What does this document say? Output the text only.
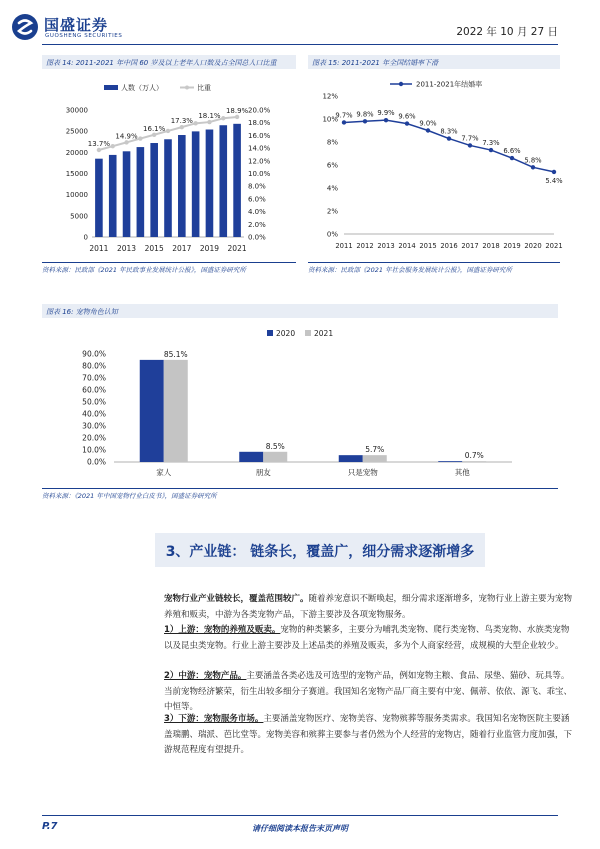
国盛证券
GUOSHENG SECURITIES	2022 年 10 月 27 日
图表 14: 2011-2021 年中国 60 岁及以上老年人口数及占全国总人口比重
人数（万人）	比重
0
5000
10000
15000
20000
25000
30000
0.0%
2.0%
4.0%
6.0%
8.0%
10.0%
12.0%
14.0%
16.0%
18.0%
20.0%
2011 2013 2015 2017 2019 2021
13.7%
14.9%
16.1%
17.3%
18.1%
18.9%
资料来源：民政部《2021 年民政事业发展统计公报》，国盛证券研究所
图表 15: 2011-2021 年全国结婚率下滑
2011-2021年结婚率
0%
2%
4%
6%
8%
10%
12%
2011 2012 2013 2014 2015 2016 2017 2018 2019 2020 2021
9.7% 9.8% 9.9% 9.6%
9.0%
8.3%
7.7%
7.3%
6.6%
5.8%
5.4%
资料来源：民政部《2021 年社会服务发展统计公报》，国盛证券研究所
图表 16: 宠物角色认知
2020	2021
0.0%
10.0%
20.0%
30.0%
40.0%
50.0%
60.0%
70.0%
80.0%
90.0%	85.1%
家人
8.5%
朋友
5.7%
只是宠物
0.7%
其他
资料来源：《2021 年中国宠物行业白皮书》，国盛证券研究所
3、产业链： 链条长，覆盖广，细分需求逐渐增多
宠物行业产业链较长，覆盖范围较广。随着养宠意识不断唤起，细分需求逐渐增多，宠物行业上游主要为宠物养殖和贩卖，中游为各类宠物产品，下游主要涉及各项宠物服务。
1）上游：宠物的养殖及贩卖。宠物的种类繁多，主要分为哺乳类宠物、爬行类宠物、鸟类宠物、水族类宠物以及昆虫类宠物。行业上游主要涉及上述品类的养殖及贩卖，多为个人商家经营，成规模的大型企业较少。
2）中游：宠物产品。主要涵盖各类必选及可选型的宠物产品，例如宠物主粮、食品、尿垫、猫砂、玩具等。当前宠物经济繁荣，衍生出较多细分子赛道。我国知名宠物产品厂商主要有中宠、佩蒂、依依、源飞、乖宝、中恒等。
3）下游：宠物服务市场。主要涵盖宠物医疗、宠物美容、宠物殡葬等服务类需求。我国知名宠物医院主要涵盖瑞鹏、瑞派、芭比堂等。宠物美容和殡葬主要参与者仍然为个人经营的宠物店，随着行业监管力度加强，下游规范程度有望提升。
P.7	请仔细阅读本报告末页声明
